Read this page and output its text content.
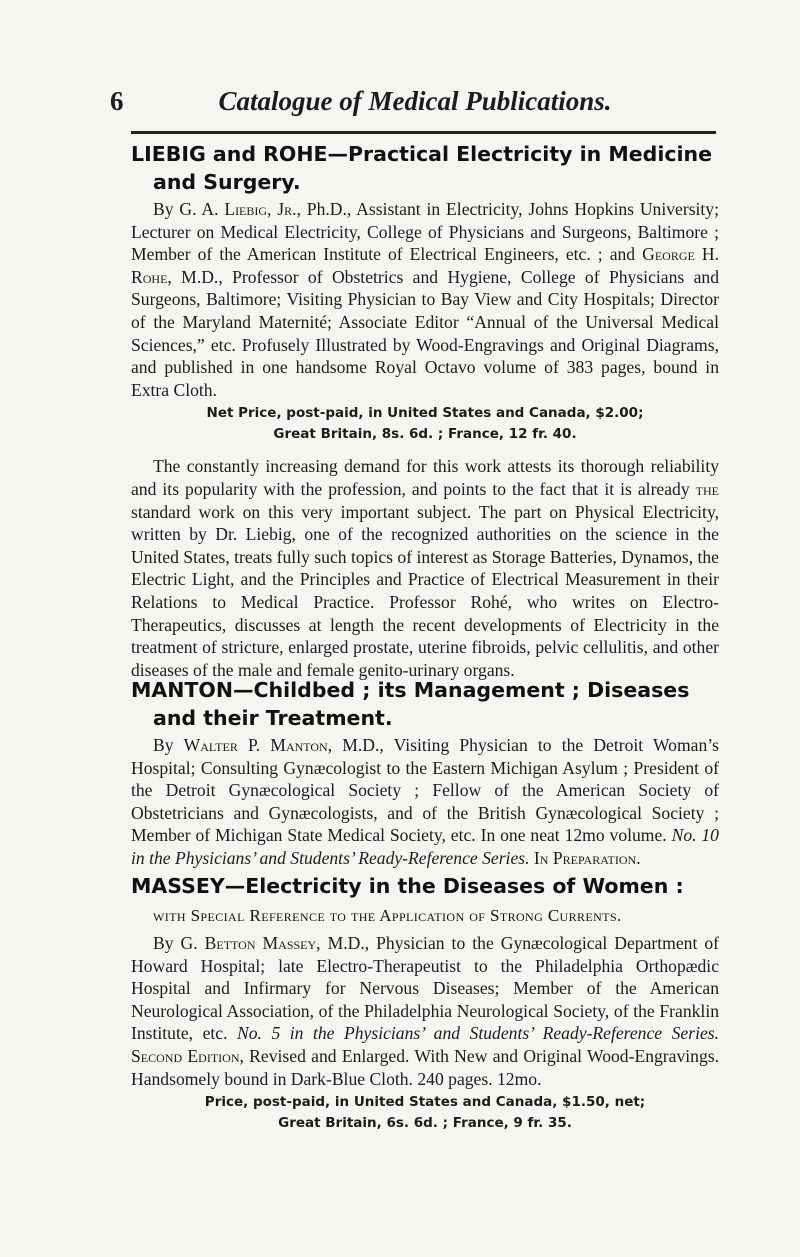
6	Catalogue of Medical Publications.
LIEBIG and ROHE—Practical Electricity in Medicine and Surgery.

By G. A. Liebig, Jr., Ph.D., Assistant in Electricity, Johns Hopkins University; Lecturer on Medical Electricity, College of Physicians and Surgeons, Baltimore ; Member of the American Institute of Electrical Engineers, etc. ; and George H. Rohe, M.D., Professor of Obstetrics and Hygiene, College of Physicians and Surgeons, Baltimore; Visiting Physician to Bay View and City Hospitals; Director of the Maryland Maternité; Associate Editor “Annual of the Universal Medical Sciences,” etc. Profusely Illustrated by Wood-Engravings and Original Diagrams, and published in one handsome Royal Octavo volume of 383 pages, bound in Extra Cloth.

Net Price, post-paid, in United States and Canada, $2.00;
Great Britain, 8s. 6d. ; France, 12 fr. 40.

The constantly increasing demand for this work attests its thorough reliability and its popularity with the profession, and points to the fact that it is already the standard work on this very important subject. The part on Physical Electricity, written by Dr. Liebig, one of the recognized authorities on the science in the United States, treats fully such topics of interest as Storage Batteries, Dynamos, the Electric Light, and the Principles and Practice of Electrical Measurement in their Relations to Medical Practice. Professor Rohé, who writes on Electro-Therapeutics, discusses at length the recent developments of Electricity in the treatment of stricture, enlarged prostate, uterine fibroids, pelvic cellulitis, and other diseases of the male and female genito-urinary organs.

MANTON—Childbed ; its Management ; Diseases and their Treatment.

By Walter P. Manton, M.D., Visiting Physician to the Detroit Woman’s Hospital; Consulting Gynæcologist to the Eastern Michigan Asylum ; President of the Detroit Gynæcological Society ; Fellow of the American Society of Obstetricians and Gynæcologists, and of the British Gynæcological Society ; Member of Michigan State Medical Society, etc. In one neat 12mo volume. No. 10 in the Physicians’ and Students’ Ready-Reference Series. In Preparation.

MASSEY—Electricity in the Diseases of Women : with Special Reference to the Application of Strong Currents.

By G. Betton Massey, M.D., Physician to the Gynæcological Department of Howard Hospital; late Electro-Therapeutist to the Philadelphia Orthopædic Hospital and Infirmary for Nervous Diseases; Member of the American Neurological Association, of the Philadelphia Neurological Society, of the Franklin Institute, etc. No. 5 in the Physicians’ and Students’ Ready-Reference Series. Second Edition, Revised and Enlarged. With New and Original Wood-Engravings. Handsomely bound in Dark-Blue Cloth. 240 pages. 12mo.

Price, post-paid, in United States and Canada, $1.50, net;
Great Britain, 6s. 6d. ; France, 9 fr. 35.
